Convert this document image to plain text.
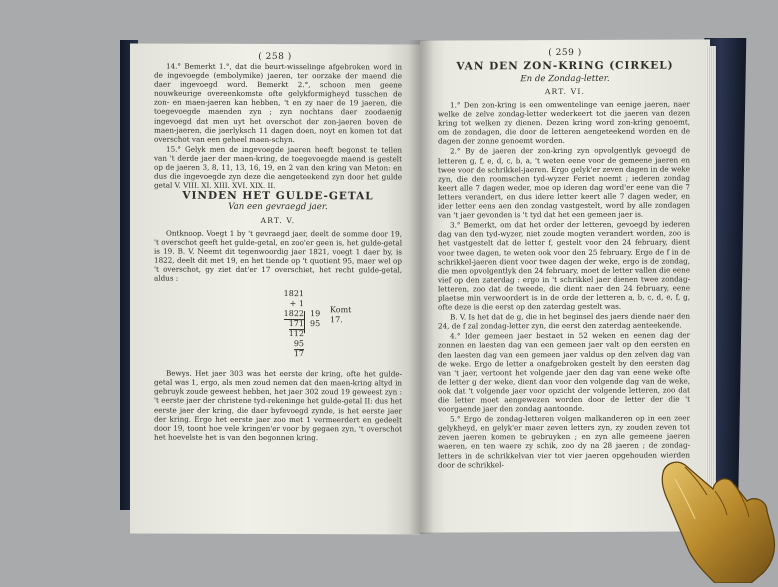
( 258 )

14.° Bemerkt 1.°, dat die beurt-wisselinge afgebroken word in de ingevoegde (embolymike) jaeren, ter oorzake der maend die daer ingevoegd word. Bemerkt 2.°, schoon men geene nouwkeurige overeenkomste ofte gelykformigheyd tusschen de zon- en maen-jaeren kan hebben, 't en zy naer de 19 jaeren, die toegevoegde maenden zyn ; zyn nochtans daer zoodaenig ingevoegd dat men uyt het overschot der zon-jaeren boven de maen-jaeren, die jaerlyksch 11 dagen doen, noyt en komen tot dat overschot van een geheel maen-schyn.

15.° Gelyk men de ingevoegde jaeren heeft begonst te tellen van 't derde jaer der maen-kring, de toegevoegde maend is gestelt op de jaeren 3, 8, 11, 13, 16, 19, en 2 van den kring van Meton: en dus die ingevoegde zyn deze die aengeteekend zyn door het gulde getal V. VIII. XI. XIII. XVI. XIX. II.

VINDEN HET GULDE-GETAL
Van een gevraegd jaer.
ART. V.

Ontknoop. Voegt 1 by 't gevraegd jaer, deelt de somme door 19, 't overschot geeft het gulde-getal, en zoo'er geen is, het gulde-getal is 19. B. V. Neemt dit tegenwoordig jaer 1821, voegt 1 daer by, is 1822, deelt dit met 19, en het tiende op 't quotient 95, maer wel op 't overschot, gy ziet dat'er 17 overschiet, het recht gulde-getal, aldus :

1821
+ 1
1822 19
171 95
112
95
17
Komt 17.

Bewys. Het jaer 303 was het eerste der kring, ofte het gulde-getal was 1, ergo, als men zoud nemen dat den maen-kring altyd in gebruyk zoude geweest hebben, het jaer 302 zoud 19 geweest zyn : 't eerste jaer der christene tyd-rekeninge het gulde-getal II: dus het eerste jaer der kring, die daer byfevoegd zynde, is het eerste jaer der kring. Ergo het eerste jaer zoo met 1 vermeerdert en gedeelt door 19, toont hoe vele kringen'er voor by gegaen zyn, 't overschot het hoevelste het is van den begonnen kring.

( 259 )
VAN DEN ZON-KRING (CIRKEL)
En de Zondag-letter.
ART. VI.

1.° Den zon-kring is een omwentelinge van eenige jaeren, naer welke de zelve zondag-letter wederkeert tot die jaeren van dezen kring tot welken zy dienen. Dezen kring word zon-kring genoemt, om de zondagen, die door de letteren aengeteekend worden en de dagen der zonne genoemt worden.

2.° By de jaeren der zon-kring zyn opvolgentlyk gevoegd de letteren g, f, e, d, c, b, a, 't weten eene voor de gemeene jaeren en twee voor de schrikkel-jaeren. Ergo gelyk'er zeven dagen in de weke zyn, die den roomschen tyd-wyzer Feriet noemt ; iederen zondag keert alle 7 dagen weder, moe op ideren dag word'er eene van die 7 letters verandert, en dus idere letter keert alle 7 dagen weder, en ider letter eens aen den zondag vastgestelt, word by alle zondagen van 't jaer gevonden is 't tyd dat het een gemeen jaer is.

3.° Bemerkt, om dat het order der letteren, gevoegd by iederen dag van den tyd-wyzer, niet zoude mogten verandert worden, zoo is het vastgestelt dat de letter f, gestelt voor den 24 february, dient voor twee dagen, te weten ook voor den 25 february. Ergo de f in de schrikkel-jaeren dient voor twee dagen der weke, ergo is de zondag, die men opvolgentlyk den 24 february, moet de letter vallen die eene vief op den zaterdag : ergo in 't schrikkel jaer dienen twee zondag-letteren, zoo dat de tweede, die dient naer den 24 february, eene plaetse min verwoordert is in de orde der letteren a, b, c, d, e, f, g, ofte deze is die eerst op den zaterdag gestelt was.

B. V. Is het dat de g, die in het beginsel des jaers diende naer den 24, de f zal zondag-letter zyn, die eerst den zaterdag aenteekende.

4.° Ider gemeen jaer bestaet in 52 weken en eenen dag der zonnen en laesten dag van een gemeen jaer valt op den eersten en den laesten dag van een gemeen jaer valdus op den zelven dag van de weke. Ergo de letter a onafgebroken gestelt by den eersten dag van 't jaer, vertoont het volgende jaer den dag van eene weke ofte de letter g der weke, dient dan voor den volgende dag van de weke, ook dat 't volgende jaer voor opzicht der volgende letteren, zoo dat die letter moet aengewezen worden door de letter der die 't voorgaende jaer den zondag aantoonde.

5.° Ergo de zondag-letteren volgen malkanderen op in een zeer gelykheyd, en gelyk'er maer zeven letters zyn, zy zouden zeven tot zeven jaeren komen te gebruyken ; en zyn alle gemeene jaeren waeren, en ten waere zy schik, zoo dy na 28 jaeren ; de zondag-letters in de schrikkelvan vier tot vier jaeren opgehouden wierden door de schrikkel-
